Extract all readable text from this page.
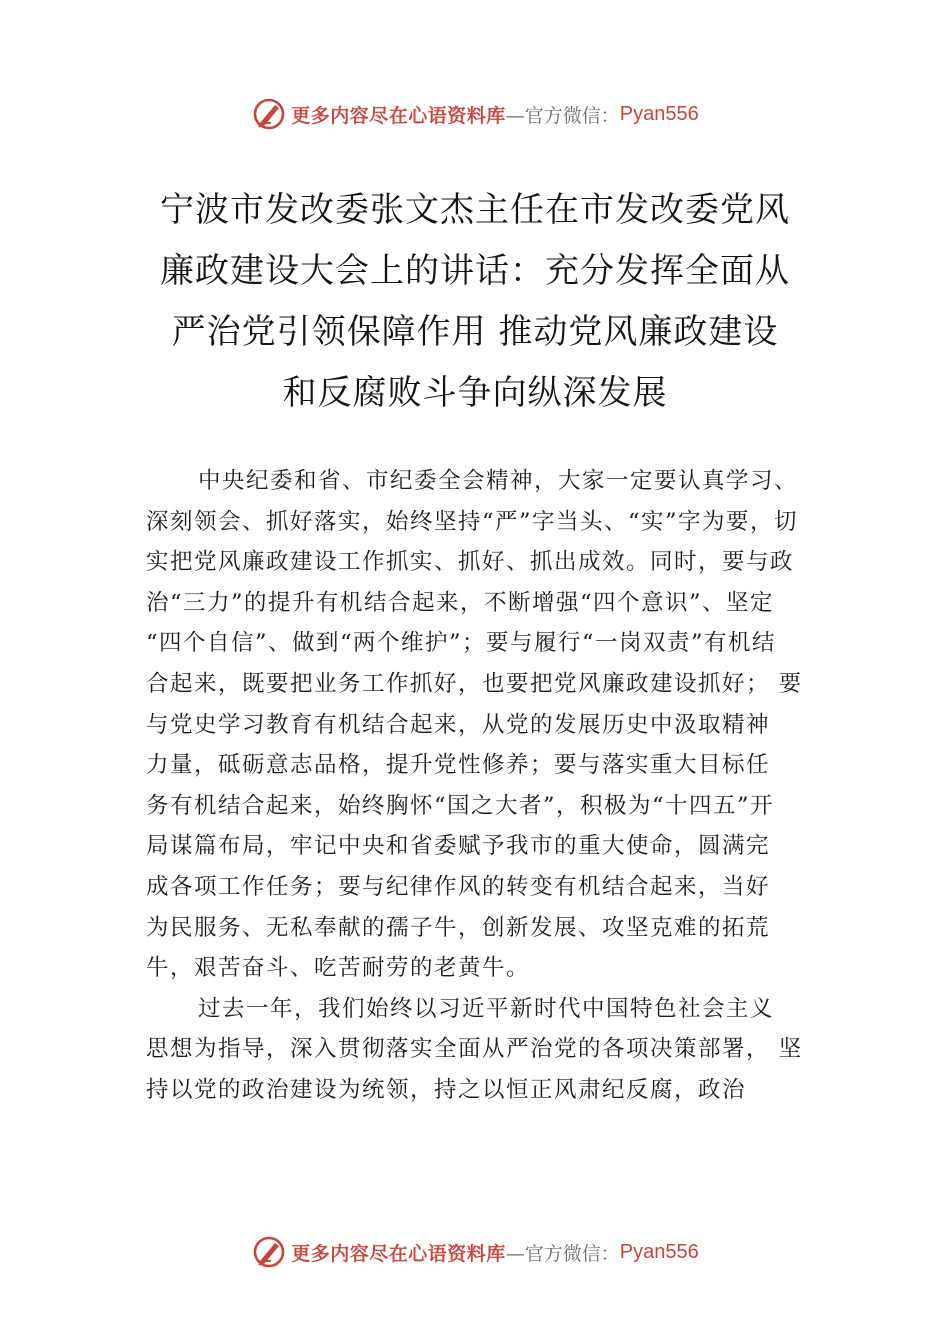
更多内容尽在心语资料库 —官方微信： Pyan556
宁波市发改委张文杰主任在市发改委党风
廉政建设大会上的讲话：充分发挥全面从
严治党引领保障作用 推动党风廉政建设
和反腐败斗争向纵深发展
中央纪委和省、市纪委全会精神，大家一定要认真学习、
深刻领会、抓好落实，始终坚持“严”字当头、“实”字为要，切
实把党风廉政建设工作抓实、抓好、抓出成效。同时，要与政
治“三力”的提升有机结合起来，不断增强“四个意识”、坚定
“四个自信”、做到“两个维护”；要与履行“一岗双责”有机结
合起来，既要把业务工作抓好，也要把党风廉政建设抓好； 要
与党史学习教育有机结合起来，从党的发展历史中汲取精神
力量，砥砺意志品格，提升党性修养；要与落实重大目标任
务有机结合起来，始终胸怀“国之大者”，积极为“十四五”开
局谋篇布局，牢记中央和省委赋予我市的重大使命，圆满完
成各项工作任务；要与纪律作风的转变有机结合起来，当好
为民服务、无私奉献的孺子牛，创新发展、攻坚克难的拓荒
牛，艰苦奋斗、吃苦耐劳的老黄牛。
过去一年，我们始终以习近平新时代中国特色社会主义
思想为指导，深入贯彻落实全面从严治党的各项决策部署， 坚
持以党的政治建设为统领，持之以恒正风肃纪反腐，政治
更多内容尽在心语资料库 —官方微信： Pyan556
